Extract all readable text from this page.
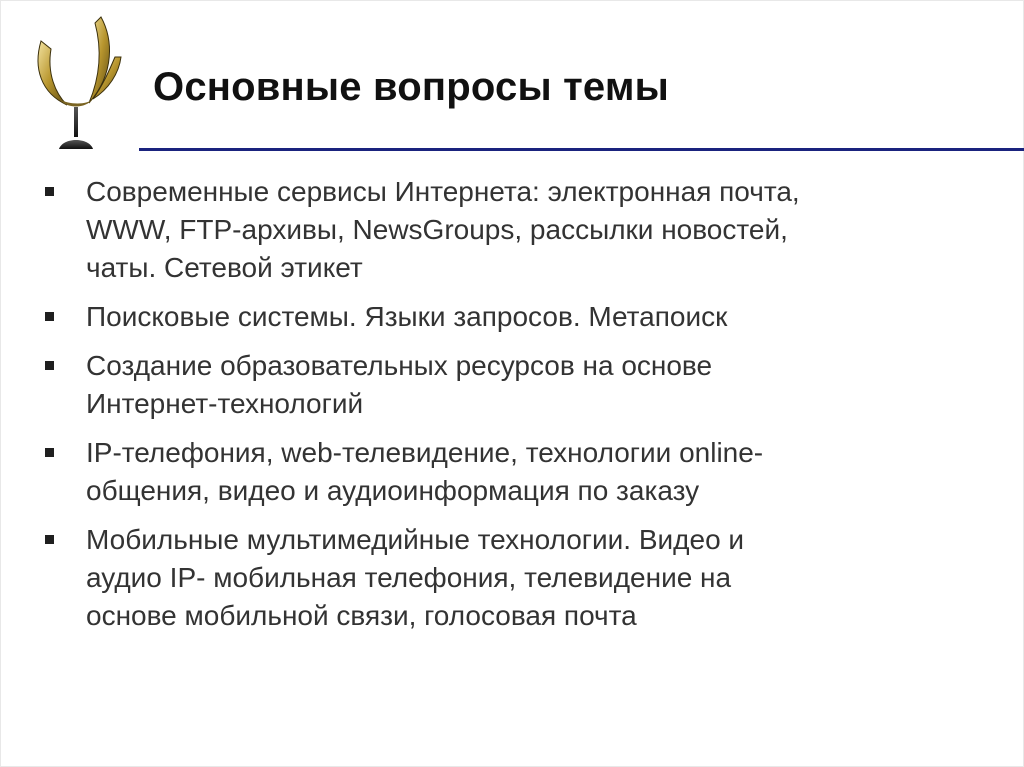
Основные вопросы темы
Современные сервисы Интернета: электронная почта,
WWW, FTP-архивы, NewsGroups, рассылки новостей,
чаты. Сетевой этикет
Поисковые системы. Языки запросов. Метапоиск
Создание образовательных ресурсов на основе
Интернет-технологий
IP-телефония, web-телевидение, технологии online-
общения, видео и аудиоинформация по заказу
Мобильные мультимедийные технологии. Видео и
аудио IP- мобильная телефония, телевидение на
основе мобильной связи, голосовая почта
